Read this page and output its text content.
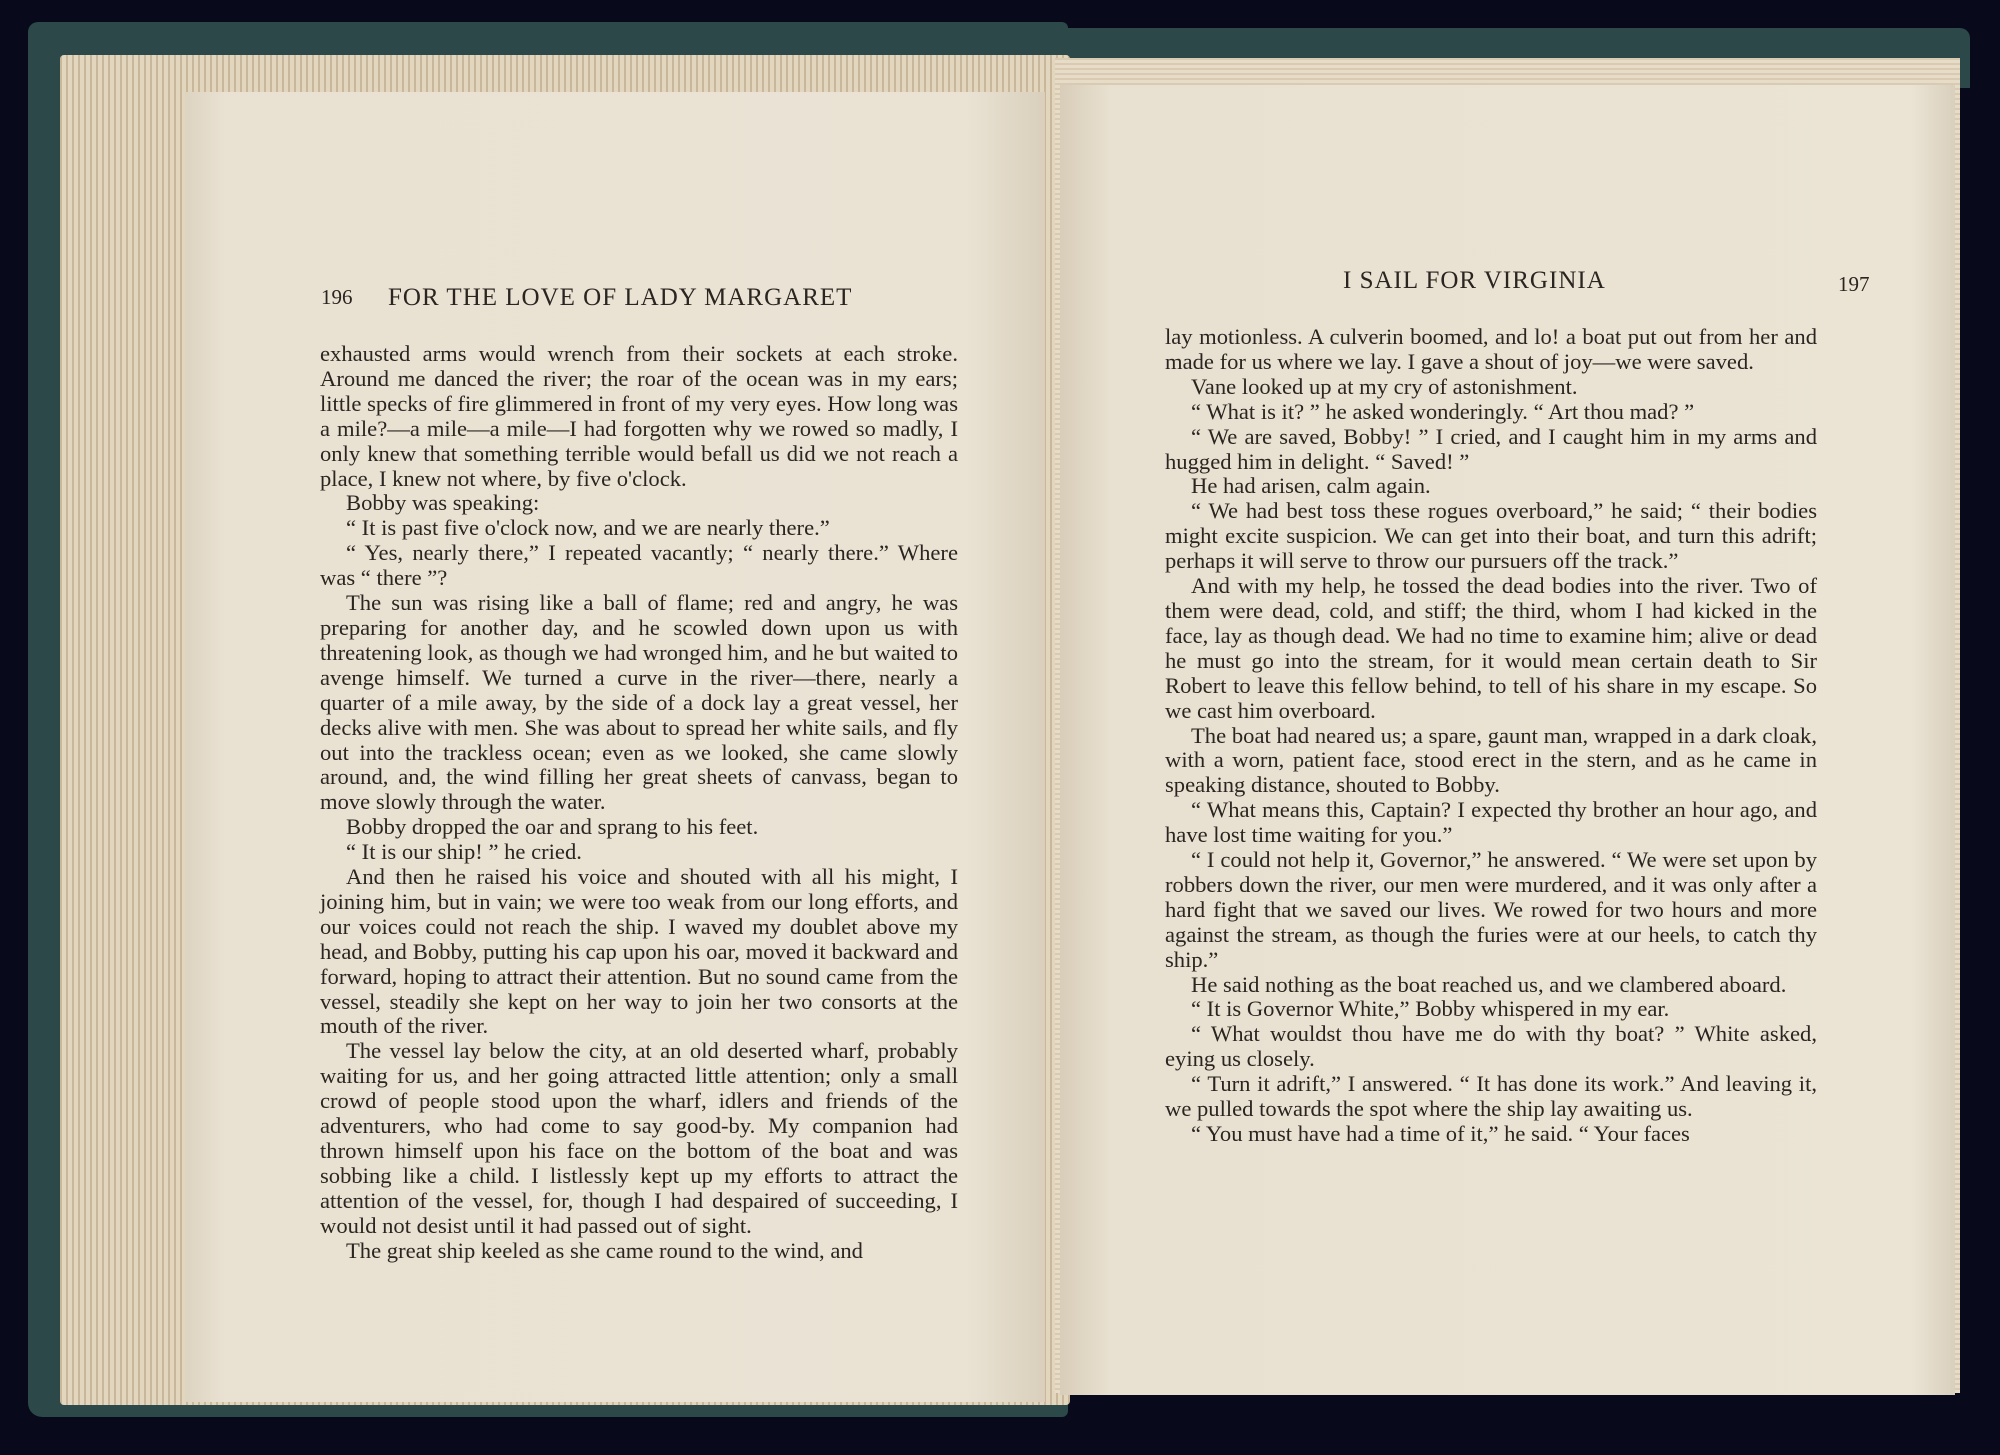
196 FOR THE LOVE OF LADY MARGARET

exhausted arms would wrench from their sockets at each stroke. Around me danced the river; the roar of the ocean was in my ears; little specks of fire glimmered in front of my very eyes. How long was a mile?—a mile—a mile—I had forgotten why we rowed so madly, I only knew that something terrible would befall us did we not reach a place, I knew not where, by five o'clock.

Bobby was speaking:

“ It is past five o'clock now, and we are nearly there.”

“ Yes, nearly there,” I repeated vacantly; “ nearly there.” Where was “ there ”?

The sun was rising like a ball of flame; red and angry, he was preparing for another day, and he scowled down upon us with threatening look, as though we had wronged him, and he but waited to avenge himself. We turned a curve in the river—there, nearly a quarter of a mile away, by the side of a dock lay a great vessel, her decks alive with men. She was about to spread her white sails, and fly out into the trackless ocean; even as we looked, she came slowly around, and, the wind filling her great sheets of canvass, began to move slowly through the water.

Bobby dropped the oar and sprang to his feet.

“ It is our ship! ” he cried.

And then he raised his voice and shouted with all his might, I joining him, but in vain; we were too weak from our long efforts, and our voices could not reach the ship. I waved my doublet above my head, and Bobby, putting his cap upon his oar, moved it backward and forward, hoping to attract their attention. But no sound came from the vessel, steadily she kept on her way to join her two consorts at the mouth of the river.

The vessel lay below the city, at an old deserted wharf, probably waiting for us, and her going attracted little attention; only a small crowd of people stood upon the wharf, idlers and friends of the adventurers, who had come to say good-by. My companion had thrown himself upon his face on the bottom of the boat and was sobbing like a child. I listlessly kept up my efforts to attract the attention of the vessel, for, though I had despaired of succeeding, I would not desist until it had passed out of sight.

The great ship keeled as she came round to the wind, and

I SAIL FOR VIRGINIA	197

lay motionless. A culverin boomed, and lo! a boat put out from her and made for us where we lay. I gave a shout of joy—we were saved.

Vane looked up at my cry of astonishment.

“ What is it? ” he asked wonderingly. “ Art thou mad? ”

“ We are saved, Bobby! ” I cried, and I caught him in my arms and hugged him in delight. “ Saved! ”

He had arisen, calm again.

“ We had best toss these rogues overboard,” he said; “ their bodies might excite suspicion. We can get into their boat, and turn this adrift; perhaps it will serve to throw our pursuers off the track.”

And with my help, he tossed the dead bodies into the river. Two of them were dead, cold, and stiff; the third, whom I had kicked in the face, lay as though dead. We had no time to examine him; alive or dead he must go into the stream, for it would mean certain death to Sir Robert to leave this fellow behind, to tell of his share in my escape. So we cast him overboard.

The boat had neared us; a spare, gaunt man, wrapped in a dark cloak, with a worn, patient face, stood erect in the stern, and as he came in speaking distance, shouted to Bobby.

“ What means this, Captain? I expected thy brother an hour ago, and have lost time waiting for you.”

“ I could not help it, Governor,” he answered. “ We were set upon by robbers down the river, our men were murdered, and it was only after a hard fight that we saved our lives. We rowed for two hours and more against the stream, as though the furies were at our heels, to catch thy ship.”

He said nothing as the boat reached us, and we clambered aboard.

“ It is Governor White,” Bobby whispered in my ear.

“ What wouldst thou have me do with thy boat? ” White asked, eying us closely.

“ Turn it adrift,” I answered. “ It has done its work.” And leaving it, we pulled towards the spot where the ship lay awaiting us.

“ You must have had a time of it,” he said. “ Your faces
